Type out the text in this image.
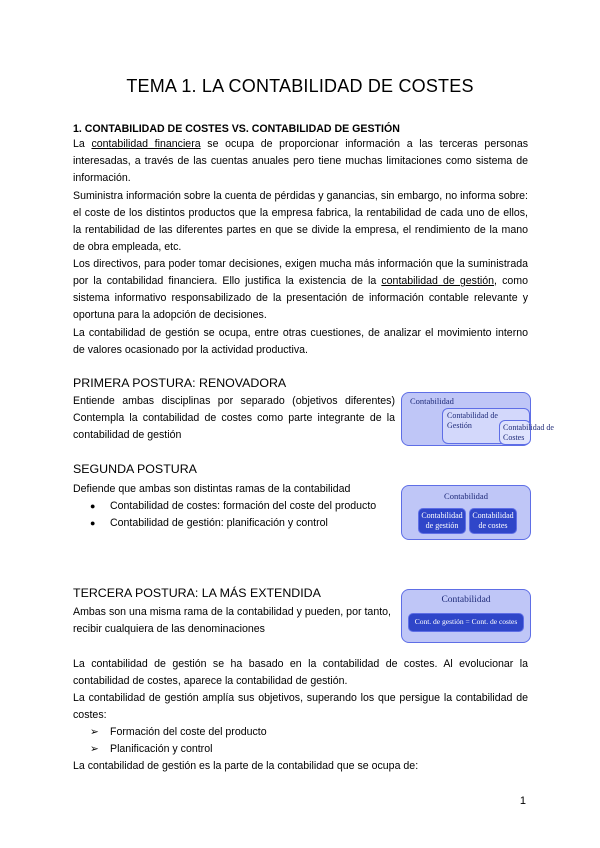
TEMA 1. LA CONTABILIDAD DE COSTES
1. CONTABILIDAD DE COSTES VS. CONTABILIDAD DE GESTIÓN
La contabilidad financiera se ocupa de proporcionar información a las terceras personas interesadas, a través de las cuentas anuales pero tiene muchas limitaciones como sistema de información.
Suministra información sobre la cuenta de pérdidas y ganancias, sin embargo, no informa sobre: el coste de los distintos productos que la empresa fabrica, la rentabilidad de cada uno de ellos, la rentabilidad de las diferentes partes en que se divide la empresa, el rendimiento de la mano de obra empleada, etc.
Los directivos, para poder tomar decisiones, exigen mucha más información que la suministrada por la contabilidad financiera. Ello justifica la existencia de la contabilidad de gestión, como sistema informativo responsabilizado de la presentación de información contable relevante y oportuna para la adopción de decisiones.
La contabilidad de gestión se ocupa, entre otras cuestiones, de analizar el movimiento interno de valores ocasionado por la actividad productiva.
PRIMERA POSTURA: RENOVADORA
Entiende ambas disciplinas por separado (objetivos diferentes) Contempla la contabilidad de costes como parte integrante de la contabilidad de gestión
Contabilidad
Contabilidad de Gestión	Contabilidad de Costes
SEGUNDA POSTURA
Defiende que ambas son distintas ramas de la contabilidad
● Contabilidad de costes: formación del coste del producto
● Contabilidad de gestión: planificación y control
Contabilidad
Contabilidad de gestión
Contabilidad de costes
TERCERA POSTURA: LA MÁS EXTENDIDA
Ambas son una misma rama de la contabilidad y pueden, por tanto, recibir cualquiera de las denominaciones
Contabilidad
Cont. de gestión = Cont. de costes
La contabilidad de gestión se ha basado en la contabilidad de costes. Al evolucionar la contabilidad de costes, aparece la contabilidad de gestión.
La contabilidad de gestión amplía sus objetivos, superando los que persigue la contabilidad de costes:
➢ Formación del coste del producto
➢ Planificación y control
La contabilidad de gestión es la parte de la contabilidad que se ocupa de:
1
